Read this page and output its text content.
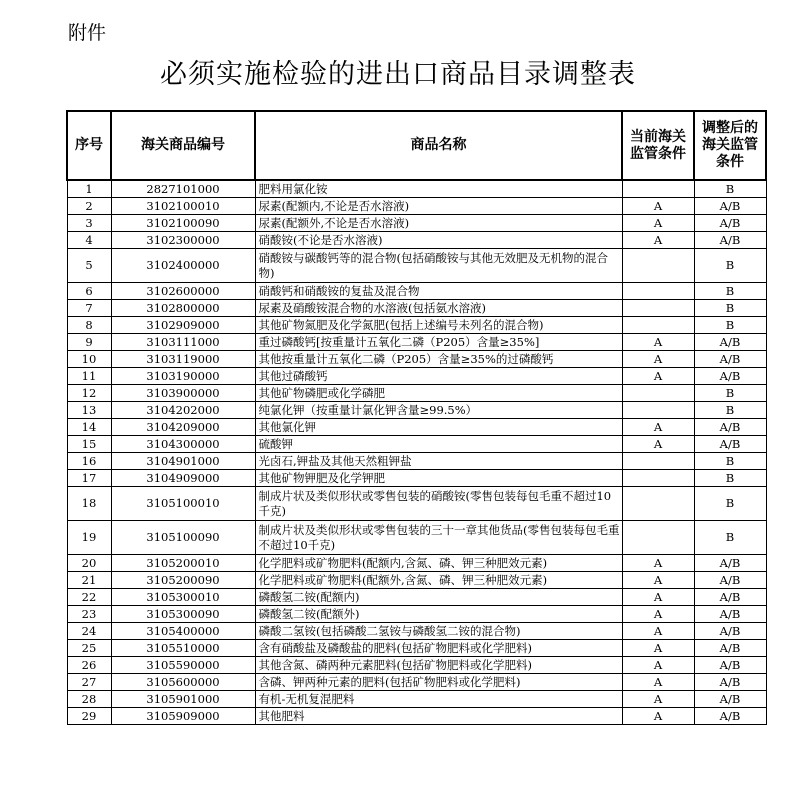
附件
必须实施检验的进出口商品目录调整表
序号	海关商品编号	商品名称	当前海关监管条件	调整后的海关监管条件
1	2827101000	肥料用氯化铵		B
2	3102100010	尿素(配额内,不论是否水溶液)	A	A/B
3	3102100090	尿素(配额外,不论是否水溶液)	A	A/B
4	3102300000	硝酸铵(不论是否水溶液)	A	A/B
5	3102400000	硝酸铵与碳酸钙等的混合物(包括硝酸铵与其他无效肥及无机物的混合物)		B
6	3102600000	硝酸钙和硝酸铵的复盐及混合物		B
7	3102800000	尿素及硝酸铵混合物的水溶液(包括氨水溶液)		B
8	3102909000	其他矿物氮肥及化学氮肥(包括上述编号未列名的混合物)		B
9	3103111000	重过磷酸钙[按重量计五氧化二磷（P205）含量≥35%]	A	A/B
10	3103119000	其他按重量计五氧化二磷（P205）含量≥35%的过磷酸钙	A	A/B
11	3103190000	其他过磷酸钙	A	A/B
12	3103900000	其他矿物磷肥或化学磷肥		B
13	3104202000	纯氯化钾（按重量计氯化钾含量≥99.5%）		B
14	3104209000	其他氯化钾	A	A/B
15	3104300000	硫酸钾	A	A/B
16	3104901000	光卤石,钾盐及其他天然粗钾盐		B
17	3104909000	其他矿物钾肥及化学钾肥		B
18	3105100010	制成片状及类似形状或零售包装的硝酸铵(零售包装每包毛重不超过10千克)		B
19	3105100090	制成片状及类似形状或零售包装的三十一章其他货品(零售包装每包毛重不超过10千克)		B
20	3105200010	化学肥料或矿物肥料(配额内,含氮、磷、钾三种肥效元素)	A	A/B
21	3105200090	化学肥料或矿物肥料(配额外,含氮、磷、钾三种肥效元素)	A	A/B
22	3105300010	磷酸氢二铵(配额内)	A	A/B
23	3105300090	磷酸氢二铵(配额外)	A	A/B
24	3105400000	磷酸二氢铵(包括磷酸二氢铵与磷酸氢二铵的混合物)	A	A/B
25	3105510000	含有硝酸盐及磷酸盐的肥料(包括矿物肥料或化学肥料)	A	A/B
26	3105590000	其他含氮、磷两种元素肥料(包括矿物肥料或化学肥料)	A	A/B
27	3105600000	含磷、钾两种元素的肥料(包括矿物肥料或化学肥料)	A	A/B
28	3105901000	有机-无机复混肥料	A	A/B
29	3105909000	其他肥料	A	A/B
